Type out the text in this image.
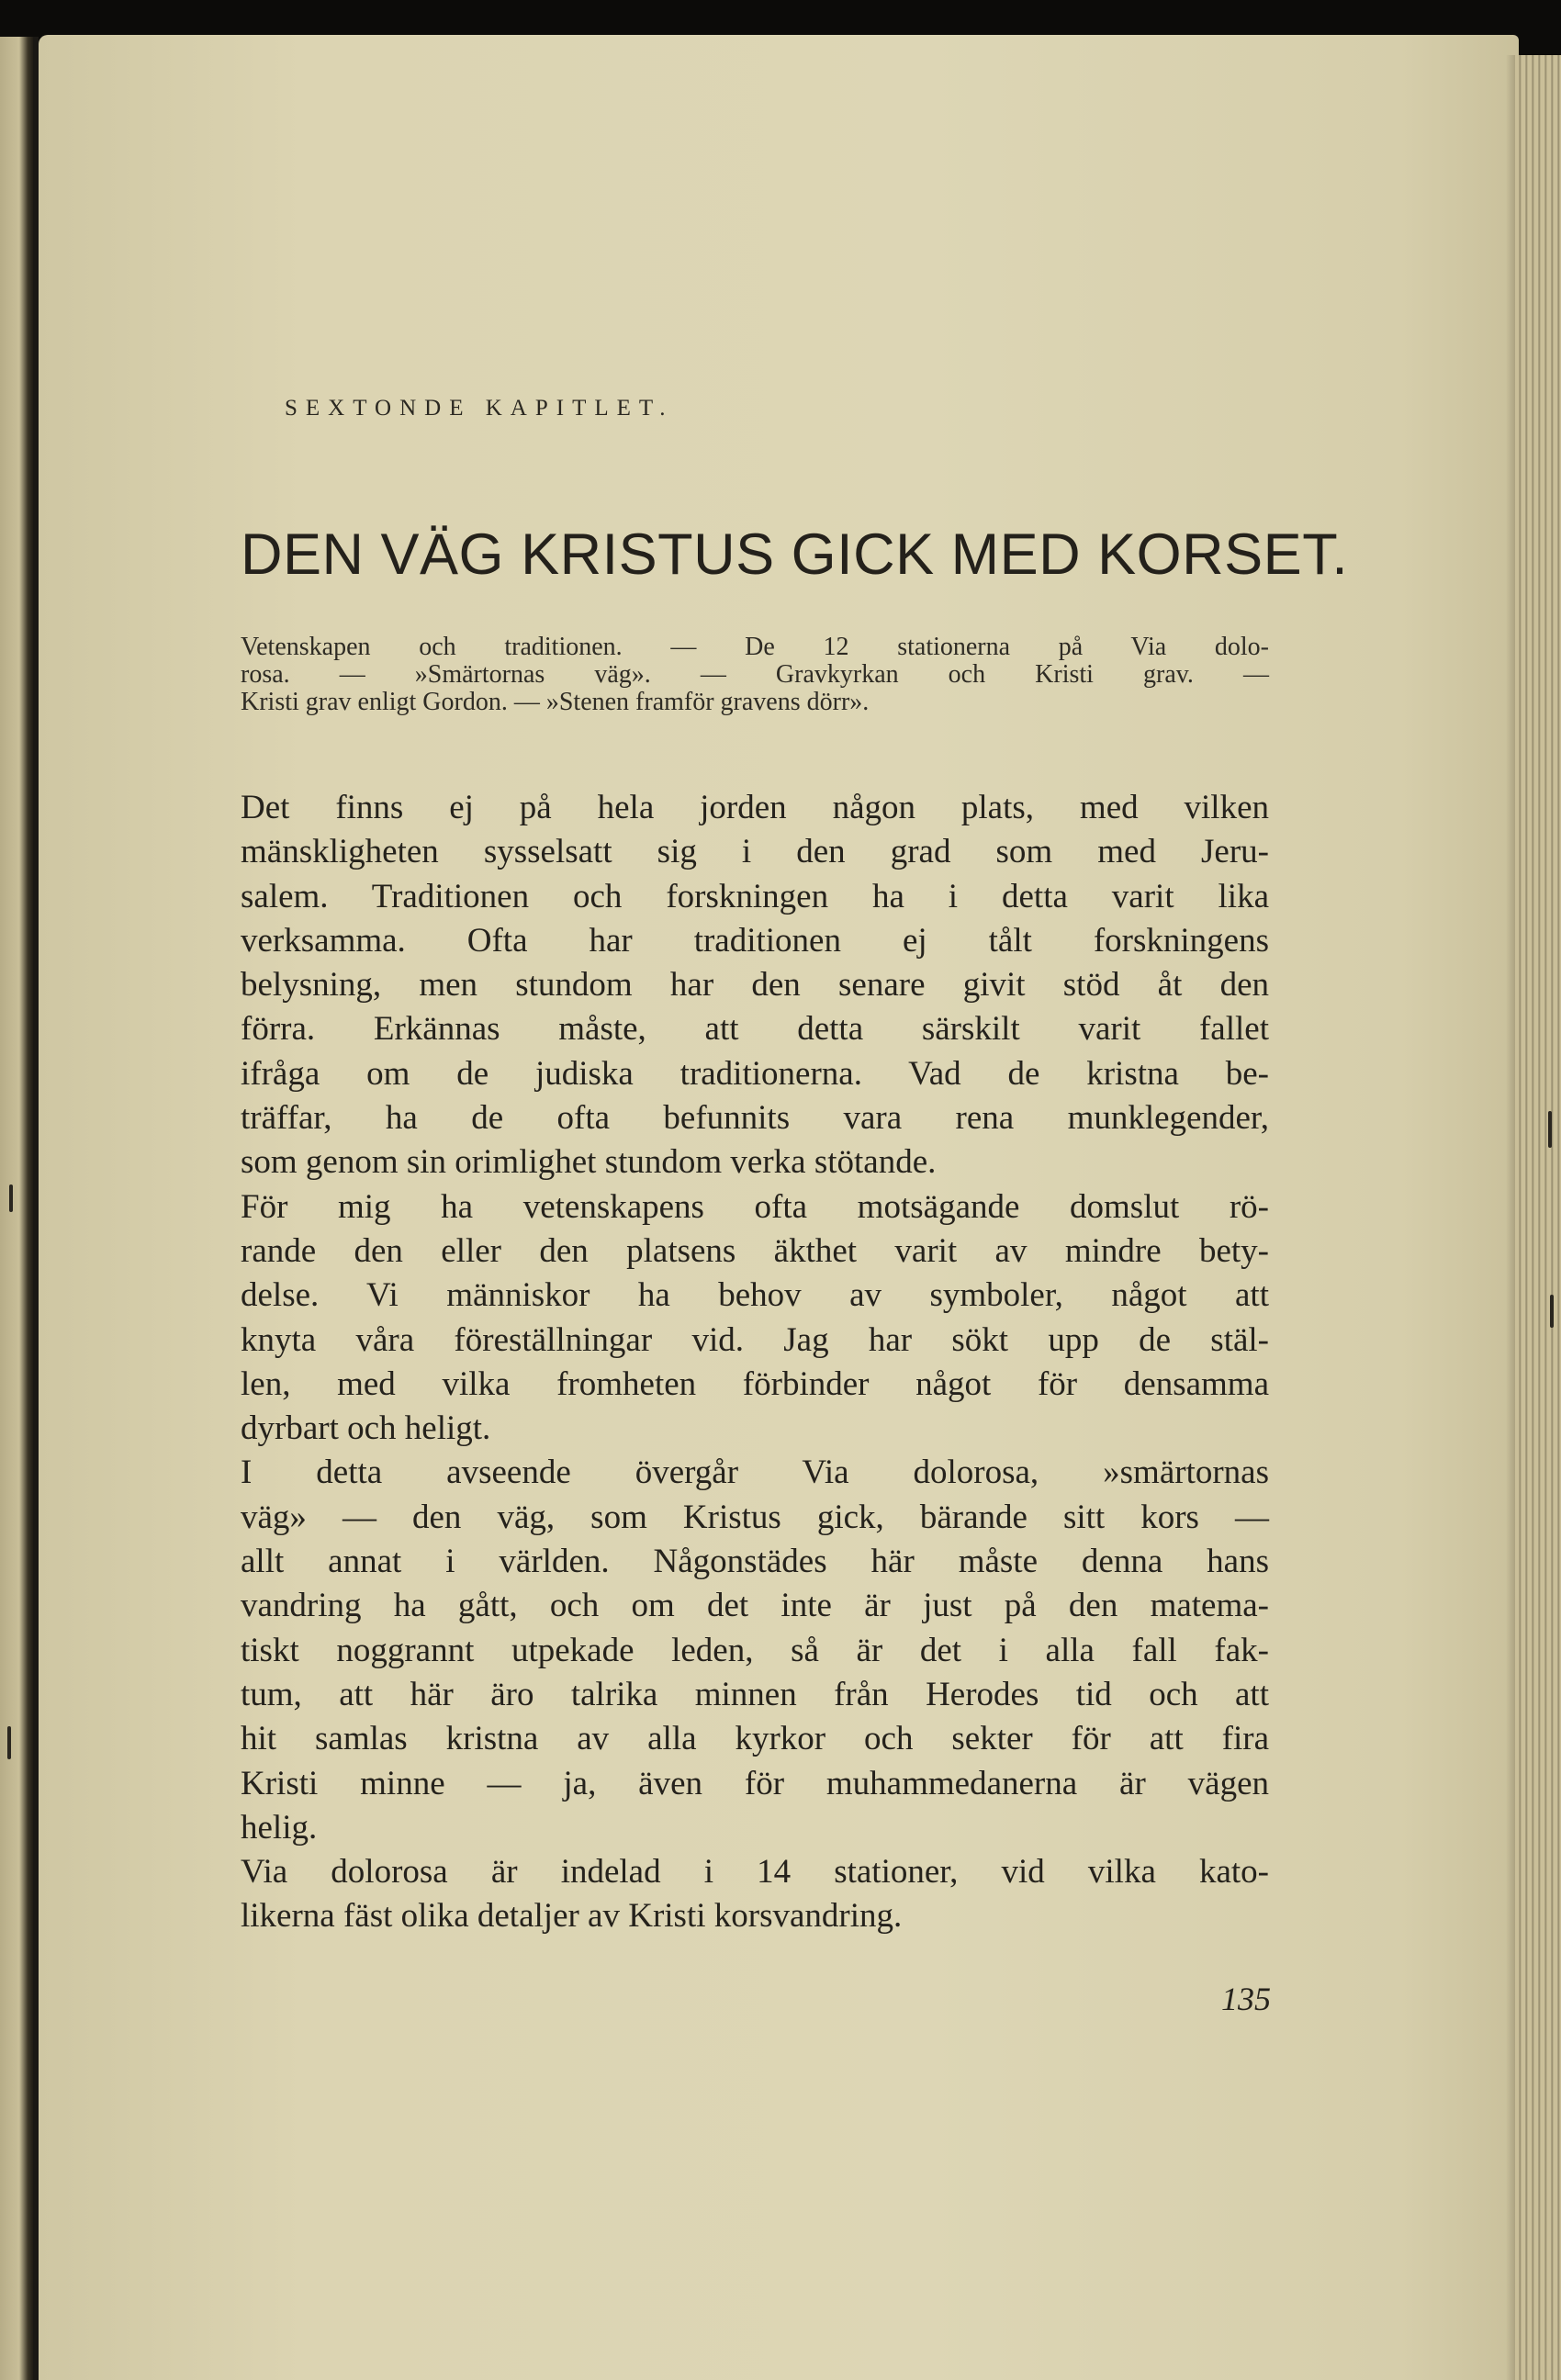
SEXTONDE KAPITLET.
DEN VÄG KRISTUS GICK MED KORSET.
Vetenskapen och traditionen. — De 12 stationerna på Via dolo-
rosa. — »Smärtornas väg». — Gravkyrkan och Kristi grav. —
Kristi grav enligt Gordon. — »Stenen framför gravens dörr».
Det finns ej på hela jorden någon plats, med vilken
mänskligheten sysselsatt sig i den grad som med Jeru-
salem. Traditionen och forskningen ha i detta varit lika
verksamma. Ofta har traditionen ej tålt forskningens
belysning, men stundom har den senare givit stöd åt den
förra. Erkännas måste, att detta särskilt varit fallet
ifråga om de judiska traditionerna. Vad de kristna be-
träffar, ha de ofta befunnits vara rena munklegender,
som genom sin orimlighet stundom verka stötande.
För mig ha vetenskapens ofta motsägande domslut rö-
rande den eller den platsens äkthet varit av mindre bety-
delse. Vi människor ha behov av symboler, något att
knyta våra föreställningar vid. Jag har sökt upp de stäl-
len, med vilka fromheten förbinder något för densamma
dyrbart och heligt.
I detta avseende övergår Via dolorosa, »smärtornas
väg» — den väg, som Kristus gick, bärande sitt kors —
allt annat i världen. Någonstädes här måste denna hans
vandring ha gått, och om det inte är just på den matema-
tiskt noggrannt utpekade leden, så är det i alla fall fak-
tum, att här äro talrika minnen från Herodes tid och att
hit samlas kristna av alla kyrkor och sekter för att fira
Kristi minne — ja, även för muhammedanerna är vägen
helig.
Via dolorosa är indelad i 14 stationer, vid vilka kato-
likerna fäst olika detaljer av Kristi korsvandring.
135
